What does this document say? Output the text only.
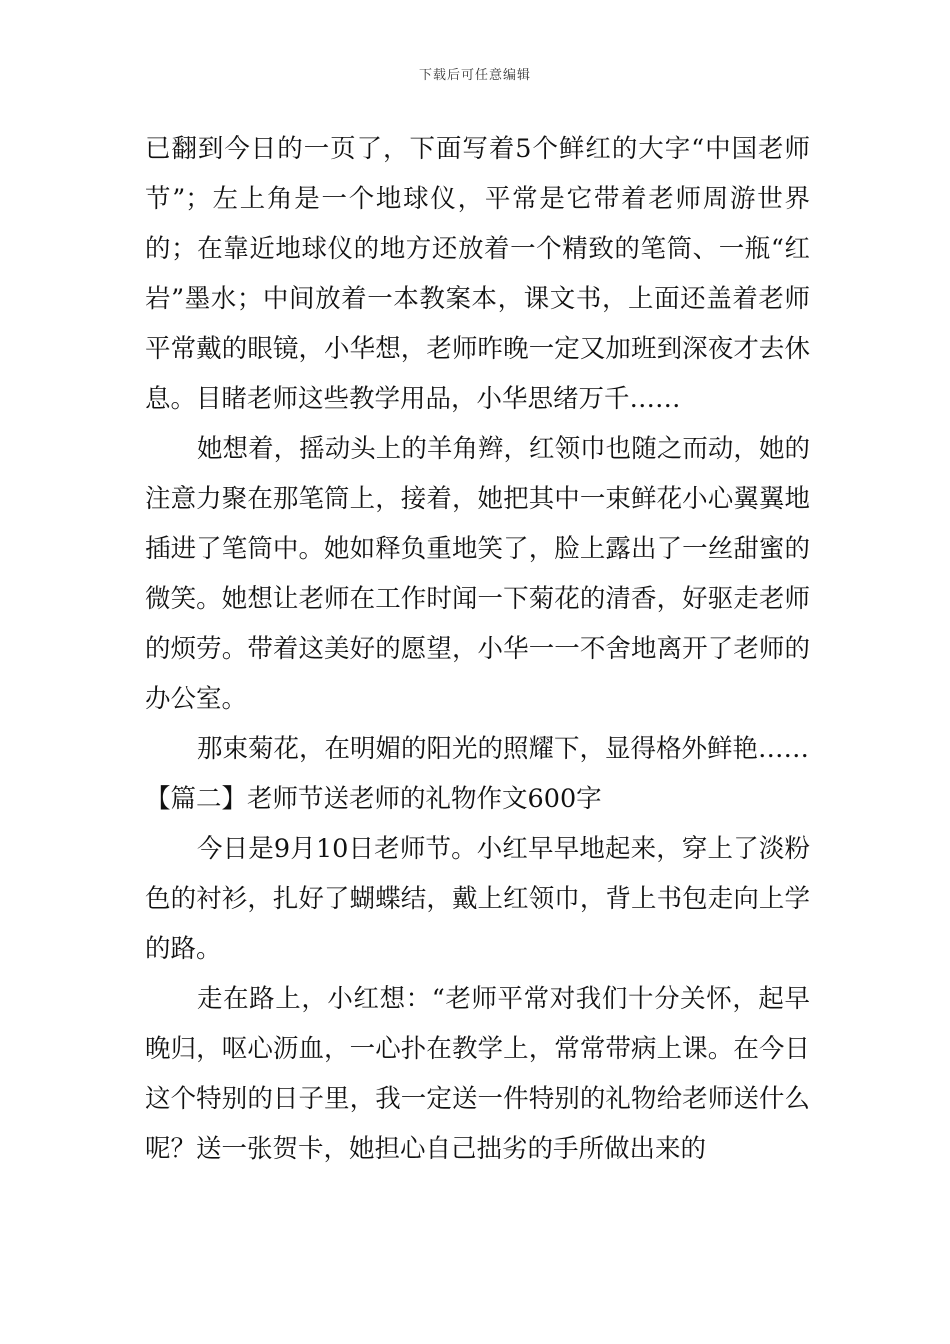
下载后可任意编辑

已翻到今日的一页了，下面写着5个鲜红的大字“中国老师节”；左上角是一个地球仪，平常是它带着老师周游世界的；在靠近地球仪的地方还放着一个精致的笔筒、一瓶“红岩”墨水；中间放着一本教案本，课文书，上面还盖着老师平常戴的眼镜，小华想，老师昨晚一定又加班到深夜才去休息。目睹老师这些教学用品，小华思绪万千……

她想着，摇动头上的羊角辫，红领巾也随之而动，她的注意力聚在那笔筒上，接着，她把其中一束鲜花小心翼翼地插进了笔筒中。她如释负重地笑了，脸上露出了一丝甜蜜的微笑。她想让老师在工作时闻一下菊花的清香，好驱走老师的烦劳。带着这美好的愿望，小华一一不舍地离开了老师的办公室。

那束菊花，在明媚的阳光的照耀下，显得格外鲜艳……

【篇二】老师节送老师的礼物作文600字

今日是9月10日老师节。小红早早地起来，穿上了淡粉色的衬衫，扎好了蝴蝶结，戴上红领巾，背上书包走向上学的路。

走在路上，小红想：“老师平常对我们十分关怀，起早晚归，呕心沥血，一心扑在教学上，常常带病上课。在今日这个特别的日子里，我一定送一件特别的礼物给老师送什么呢？送一张贺卡，她担心自己拙劣的手所做出来的
